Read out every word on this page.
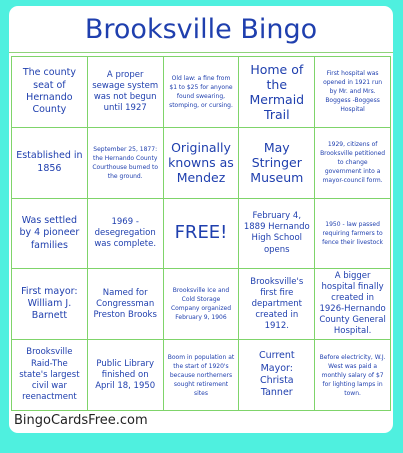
Brooksville Bingo
The county seat of Hernando County
A proper sewage system was not begun until 1927
Old law: a fine from $1 to $25 for anyone found swearing, stomping, or cursing.
Home of the Mermaid Trail
First hospital was opened in 1921 run by Mr. and Mrs. Boggess -Boggess Hospital
Established in 1856
September 25, 1877: the Hernando County Courthouse burned to the ground.
Originally knowns as Mendez
May Stringer Museum
1929, citizens of Brooksville petitioned to change government into a mayor-council form.
Was settled by 4 pioneer families
1969 - desegregation was complete.
FREE!
February 4, 1889 Hernando High School opens
1950 - law passed requiring farmers to fence their livestock
First mayor: William J. Barnett
Named for Congressman Preston Brooks
Brooksville Ice and Cold Storage Company organized February 9, 1906
Brooksville's first fire department created in 1912.
A bigger hospital finally created in 1926-Hernando County General Hospital.
Brooksville Raid-The state's largest civil war reenactment
Public Library finished on April 18, 1950
Boom in population at the start of 1920's because northerners sought retirement sites
Current Mayor: Christa Tanner
Before electricity, W.J. West was paid a monthly salary of $7 for lighting lamps in town.
BingoCardsFree.com
